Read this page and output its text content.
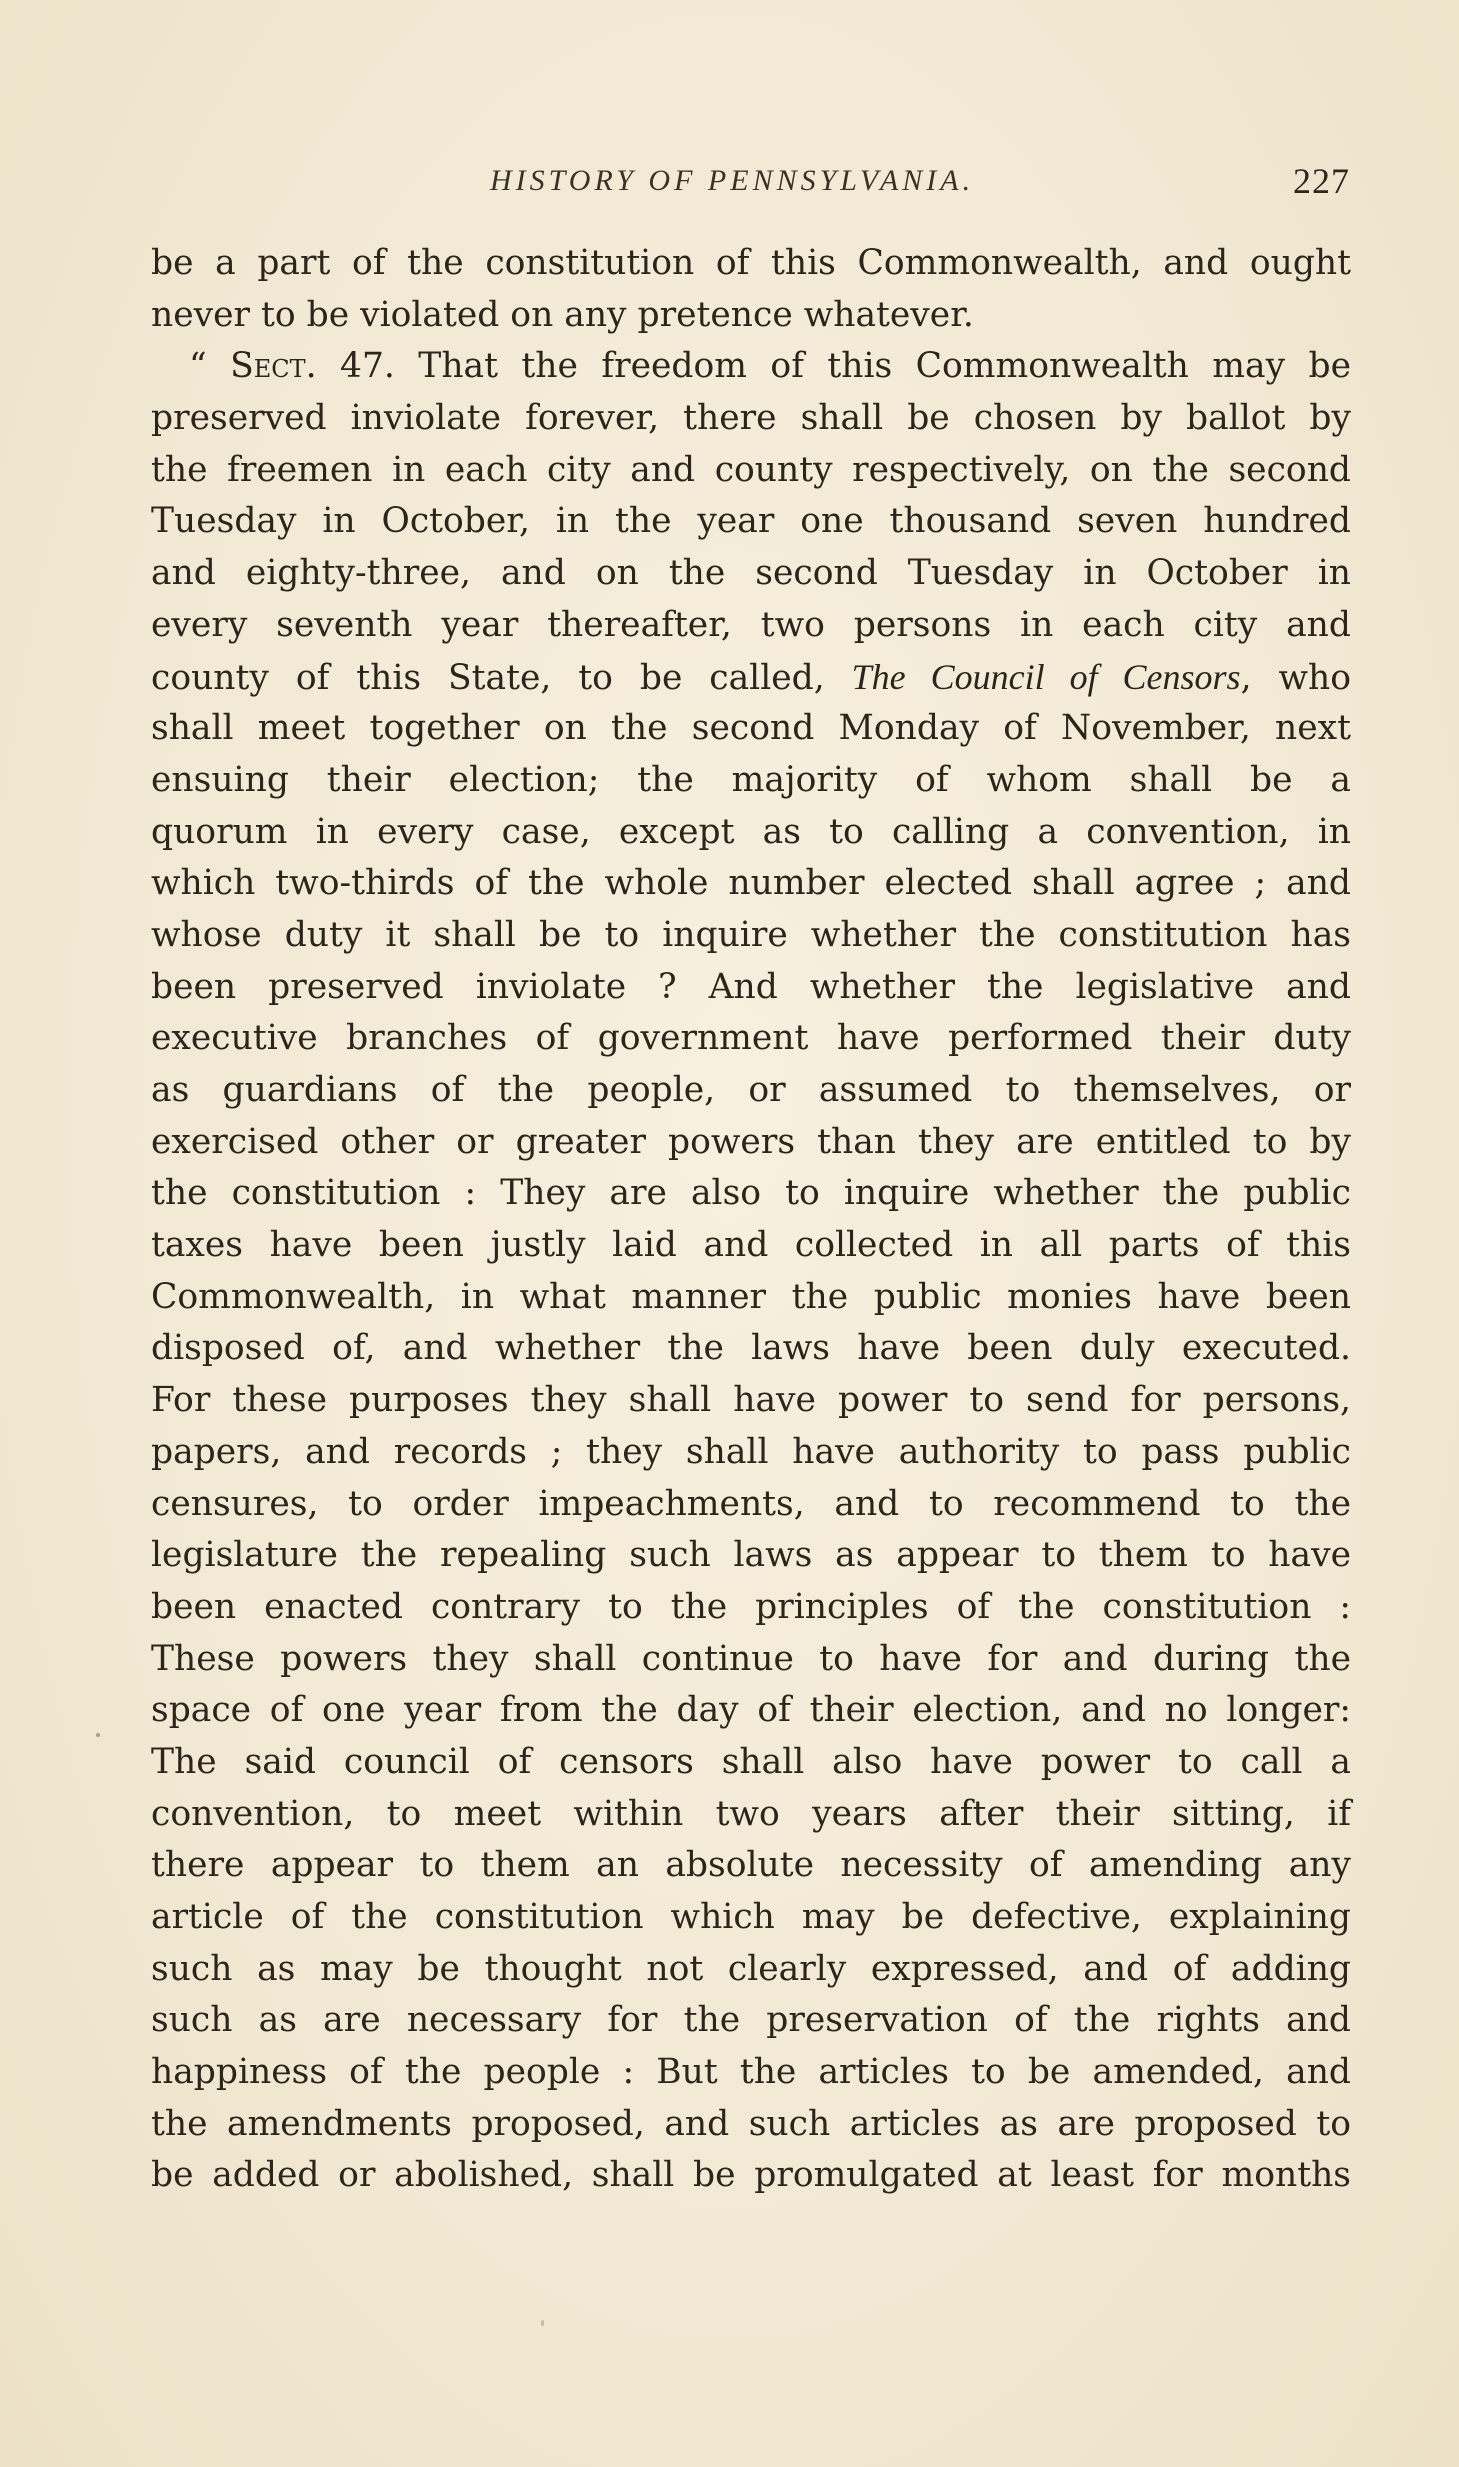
HISTORY OF PENNSYLVANIA.	227
be a part of the constitution of this Commonwealth, and ought
never to be violated on any pretence whatever.
“ Sect. 47. That the freedom of this Commonwealth may be
preserved inviolate forever, there shall be chosen by ballot by
the freemen in each city and county respectively, on the second
Tuesday in October, in the year one thousand seven hundred
and eighty-three, and on the second Tuesday in October in
every seventh year thereafter, two persons in each city and
county of this State, to be called, The Council of Censors, who
shall meet together on the second Monday of November, next
ensuing their election; the majority of whom shall be a
quorum in every case, except as to calling a convention, in
which two-thirds of the whole number elected shall agree ; and
whose duty it shall be to inquire whether the constitution has
been preserved inviolate ? And whether the legislative and
executive branches of government have performed their duty
as guardians of the people, or assumed to themselves, or
exercised other or greater powers than they are entitled to by
the constitution : They are also to inquire whether the public
taxes have been justly laid and collected in all parts of this
Commonwealth, in what manner the public monies have been
disposed of, and whether the laws have been duly executed.
For these purposes they shall have power to send for persons,
papers, and records ; they shall have authority to pass public
censures, to order impeachments, and to recommend to the
legislature the repealing such laws as appear to them to have
been enacted contrary to the principles of the constitution :
These powers they shall continue to have for and during the
space of one year from the day of their election, and no longer:
The said council of censors shall also have power to call a
convention, to meet within two years after their sitting, if
there appear to them an absolute necessity of amending any
article of the constitution which may be defective, explaining
such as may be thought not clearly expressed, and of adding
such as are necessary for the preservation of the rights and
happiness of the people : But the articles to be amended, and
the amendments proposed, and such articles as are proposed to
be added or abolished, shall be promulgated at least for months
